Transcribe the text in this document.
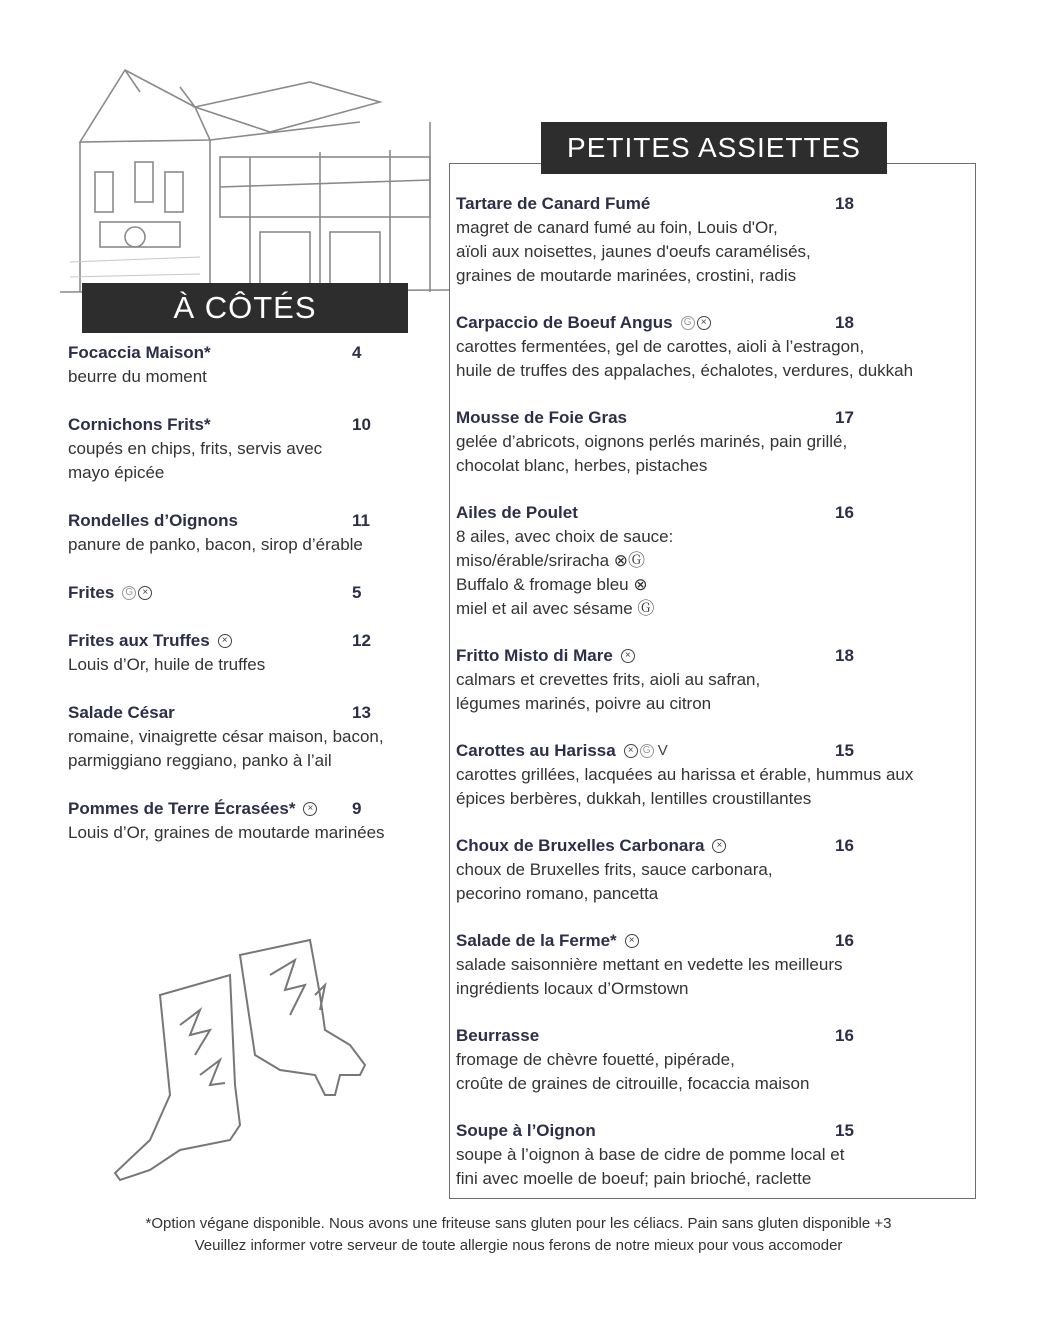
À CÔTÉS
PETITES ASSIETTES
Focaccia Maison*	4
beurre du moment
Cornichons Frits*	10
coupés en chips, frits, servis avec
mayo épicée
Rondelles d’Oignons	11
panure de panko, bacon, sirop d’érable
Frites	G ×	5
Frites aux Truffes	×	12
Louis d’Or, huile de truffes
Salade César	13
romaine, vinaigrette césar maison, bacon,
parmiggiano reggiano, panko à l’ail
Pommes de Terre Écrasées*	× 9
Louis d’Or, graines de moutarde marinées
Tartare de Canard Fumé	18
magret de canard fumé au foin, Louis d'Or,
aïoli aux noisettes, jaunes d'oeufs caramélisés,
graines de moutarde marinées, crostini, radis
Carpaccio de Boeuf Angus	G ×	18
carottes fermentées, gel de carottes, aioli à l’estragon,
huile de truffes des appalaches, échalotes, verdures, dukkah
Mousse de Foie Gras	17
gelée d’abricots, oignons perlés marinés, pain grillé,
chocolat blanc, herbes, pistaches
Ailes de Poulet	16
8 ailes, avec choix de sauce:
miso/érable/sriracha ⊗Ⓖ
Buffalo & fromage bleu ⊗
miel et ail avec sésame Ⓖ
Fritto Misto di Mare	×	18
calmars et crevettes frits, aioli au safran,
légumes marinés, poivre au citron
Carottes au Harissa	× G V	15
carottes grillées, lacquées au harissa et érable, hummus aux
épices berbères, dukkah, lentilles croustillantes
Choux de Bruxelles Carbonara	×	16
choux de Bruxelles frits, sauce carbonara,
pecorino romano, pancetta
Salade de la Ferme*	×	16
salade saisonnière mettant en vedette les meilleurs
ingrédients locaux d’Ormstown
Beurrasse	16
fromage de chèvre fouetté, pipérade,
croûte de graines de citrouille, focaccia maison
Soupe à l’Oignon	15
soupe à l’oignon à base de cidre de pomme local et
fini avec moelle de boeuf; pain brioché, raclette
*Option végane disponible. Nous avons une friteuse sans gluten pour les céliacs. Pain sans gluten disponible +3
Veuillez informer votre serveur de toute allergie nous ferons de notre mieux pour vous accomoder
